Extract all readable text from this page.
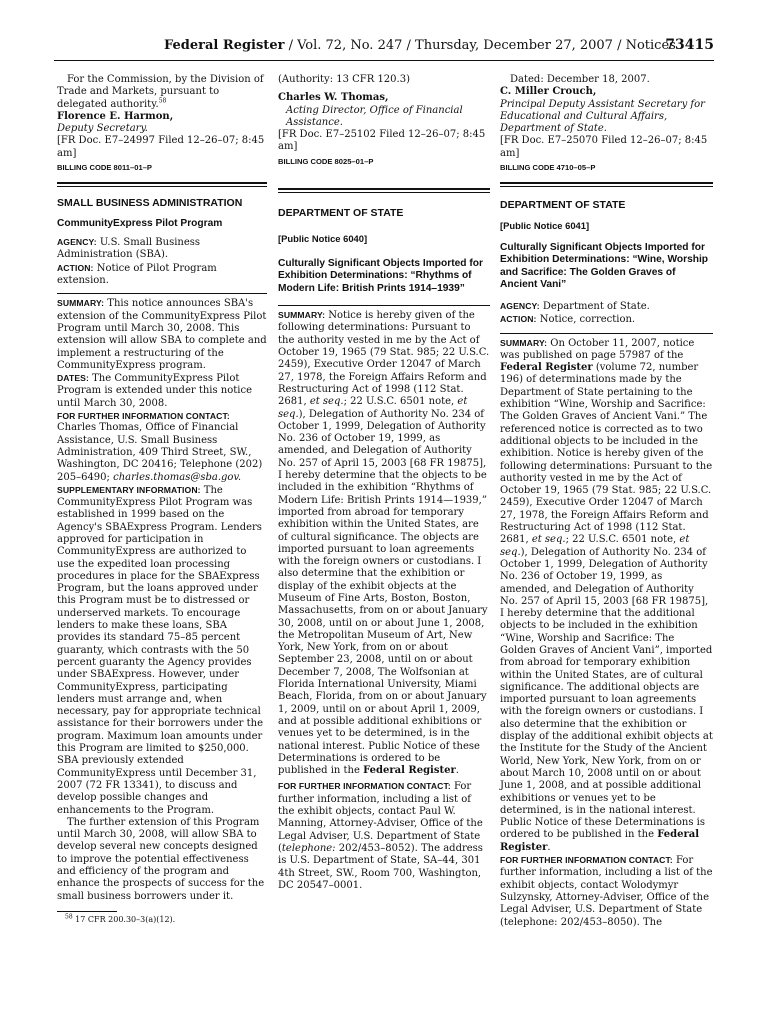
Federal Register / Vol. 72, No. 247 / Thursday, December 27, 2007 / Notices
73415

For the Commission, by the Division of Trade and Markets, pursuant to delegated authority.$^{58}$

Florence E. Harmon,

Deputy Secretary.

[FR Doc. E7–24997 Filed 12–26–07; 8:45 am]

BILLING CODE 8011–01–P

SMALL BUSINESS ADMINISTRATION

CommunityExpress Pilot Program

AGENCY: U.S. Small Business Administration (SBA).

ACTION: Notice of Pilot Program extension.

SUMMARY: This notice announces SBA's extension of the CommunityExpress Pilot Program until March 30, 2008. This extension will allow SBA to complete and implement a restructuring of the CommunityExpress program.

DATES: The CommunityExpress Pilot Program is extended under this notice until March 30, 2008.

FOR FURTHER INFORMATION CONTACT:

Charles Thomas, Office of Financial Assistance, U.S. Small Business Administration, 409 Third Street, SW., Washington, DC 20416; Telephone (202) 205–6490; charles.thomas@sba.gov.

SUPPLEMENTARY INFORMATION: The CommunityExpress Pilot Program was established in 1999 based on the Agency's SBAExpress Program. Lenders approved for participation in CommunityExpress are authorized to use the expedited loan processing procedures in place for the SBAExpress Program, but the loans approved under this Program must be to distressed or underserved markets. To encourage lenders to make these loans, SBA provides its standard 75–85 percent guaranty, which contrasts with the 50 percent guaranty the Agency provides under SBAExpress. However, under CommunityExpress, participating lenders must arrange and, when necessary, pay for appropriate technical assistance for their borrowers under the program. Maximum loan amounts under this Program are limited to $250,000. SBA previously extended CommunityExpress until December 31, 2007 (72 FR 13341), to discuss and develop possible changes and enhancements to the Program.

The further extension of this Program until March 30, 2008, will allow SBA to develop several new concepts designed to improve the potential effectiveness and efficiency of the program and enhance the prospects of success for the small business borrowers under it.

$^{58}$ 17 CFR 200.30–3(a)(12).

(Authority: 13 CFR 120.3)

Charles W. Thomas,

Acting Director, Office of Financial Assistance.

[FR Doc. E7–25102 Filed 12–26–07; 8:45 am]

BILLING CODE 8025–01–P

DEPARTMENT OF STATE

[Public Notice 6040]

Culturally Significant Objects Imported for Exhibition Determinations: “Rhythms of Modern Life: British Prints 1914–1939”

SUMMARY: Notice is hereby given of the following determinations: Pursuant to the authority vested in me by the Act of October 19, 1965 (79 Stat. 985; 22 U.S.C. 2459), Executive Order 12047 of March 27, 1978, the Foreign Affairs Reform and Restructuring Act of 1998 (112 Stat. 2681, et seq.; 22 U.S.C. 6501 note, et seq.), Delegation of Authority No. 234 of October 1, 1999, Delegation of Authority No. 236 of October 19, 1999, as amended, and Delegation of Authority No. 257 of April 15, 2003 [68 FR 19875], I hereby determine that the objects to be included in the exhibition “Rhythms of Modern Life: British Prints 1914—1939,” imported from abroad for temporary exhibition within the United States, are of cultural significance. The objects are imported pursuant to loan agreements with the foreign owners or custodians. I also determine that the exhibition or display of the exhibit objects at the Museum of Fine Arts, Boston, Boston, Massachusetts, from on or about January 30, 2008, until on or about June 1, 2008, the Metropolitan Museum of Art, New York, New York, from on or about September 23, 2008, until on or about December 7, 2008, The Wolfsonian at Florida International University, Miami Beach, Florida, from on or about January 1, 2009, until on or about April 1, 2009, and at possible additional exhibitions or venues yet to be determined, is in the national interest. Public Notice of these Determinations is ordered to be published in the Federal Register.

FOR FURTHER INFORMATION CONTACT: For further information, including a list of the exhibit objects, contact Paul W. Manning, Attorney-Adviser, Office of the Legal Adviser, U.S. Department of State (telephone: 202/453–8052). The address is U.S. Department of State, SA–44, 301 4th Street, SW., Room 700, Washington, DC 20547–0001.

Dated: December 18, 2007.

C. Miller Crouch,

Principal Deputy Assistant Secretary for Educational and Cultural Affairs, Department of State.

[FR Doc. E7–25070 Filed 12–26–07; 8:45 am]

BILLING CODE 4710–05–P

DEPARTMENT OF STATE

[Public Notice 6041]

Culturally Significant Objects Imported for Exhibition Determinations: “Wine, Worship and Sacrifice: The Golden Graves of Ancient Vani”

AGENCY: Department of State.

ACTION: Notice, correction.

SUMMARY: On October 11, 2007, notice was published on page 57987 of the Federal Register (volume 72, number 196) of determinations made by the Department of State pertaining to the exhibition “Wine, Worship and Sacrifice: The Golden Graves of Ancient Vani.” The referenced notice is corrected as to two additional objects to be included in the exhibition. Notice is hereby given of the following determinations: Pursuant to the authority vested in me by the Act of October 19, 1965 (79 Stat. 985; 22 U.S.C. 2459), Executive Order 12047 of March 27, 1978, the Foreign Affairs Reform and Restructuring Act of 1998 (112 Stat. 2681, et seq.; 22 U.S.C. 6501 note, et seq.), Delegation of Authority No. 234 of October 1, 1999, Delegation of Authority No. 236 of October 19, 1999, as amended, and Delegation of Authority No. 257 of April 15, 2003 [68 FR 19875], I hereby determine that the additional objects to be included in the exhibition “Wine, Worship and Sacrifice: The Golden Graves of Ancient Vani”, imported from abroad for temporary exhibition within the United States, are of cultural significance. The additional objects are imported pursuant to loan agreements with the foreign owners or custodians. I also determine that the exhibition or display of the additional exhibit objects at the Institute for the Study of the Ancient World, New York, New York, from on or about March 10, 2008 until on or about June 1, 2008, and at possible additional exhibitions or venues yet to be determined, is in the national interest. Public Notice of these Determinations is ordered to be published in the Federal Register.

FOR FURTHER INFORMATION CONTACT: For further information, including a list of the exhibit objects, contact Wolodymyr Sulzynsky, Attorney-Adviser, Office of the Legal Adviser, U.S. Department of State (telephone: 202/453–8050). The
